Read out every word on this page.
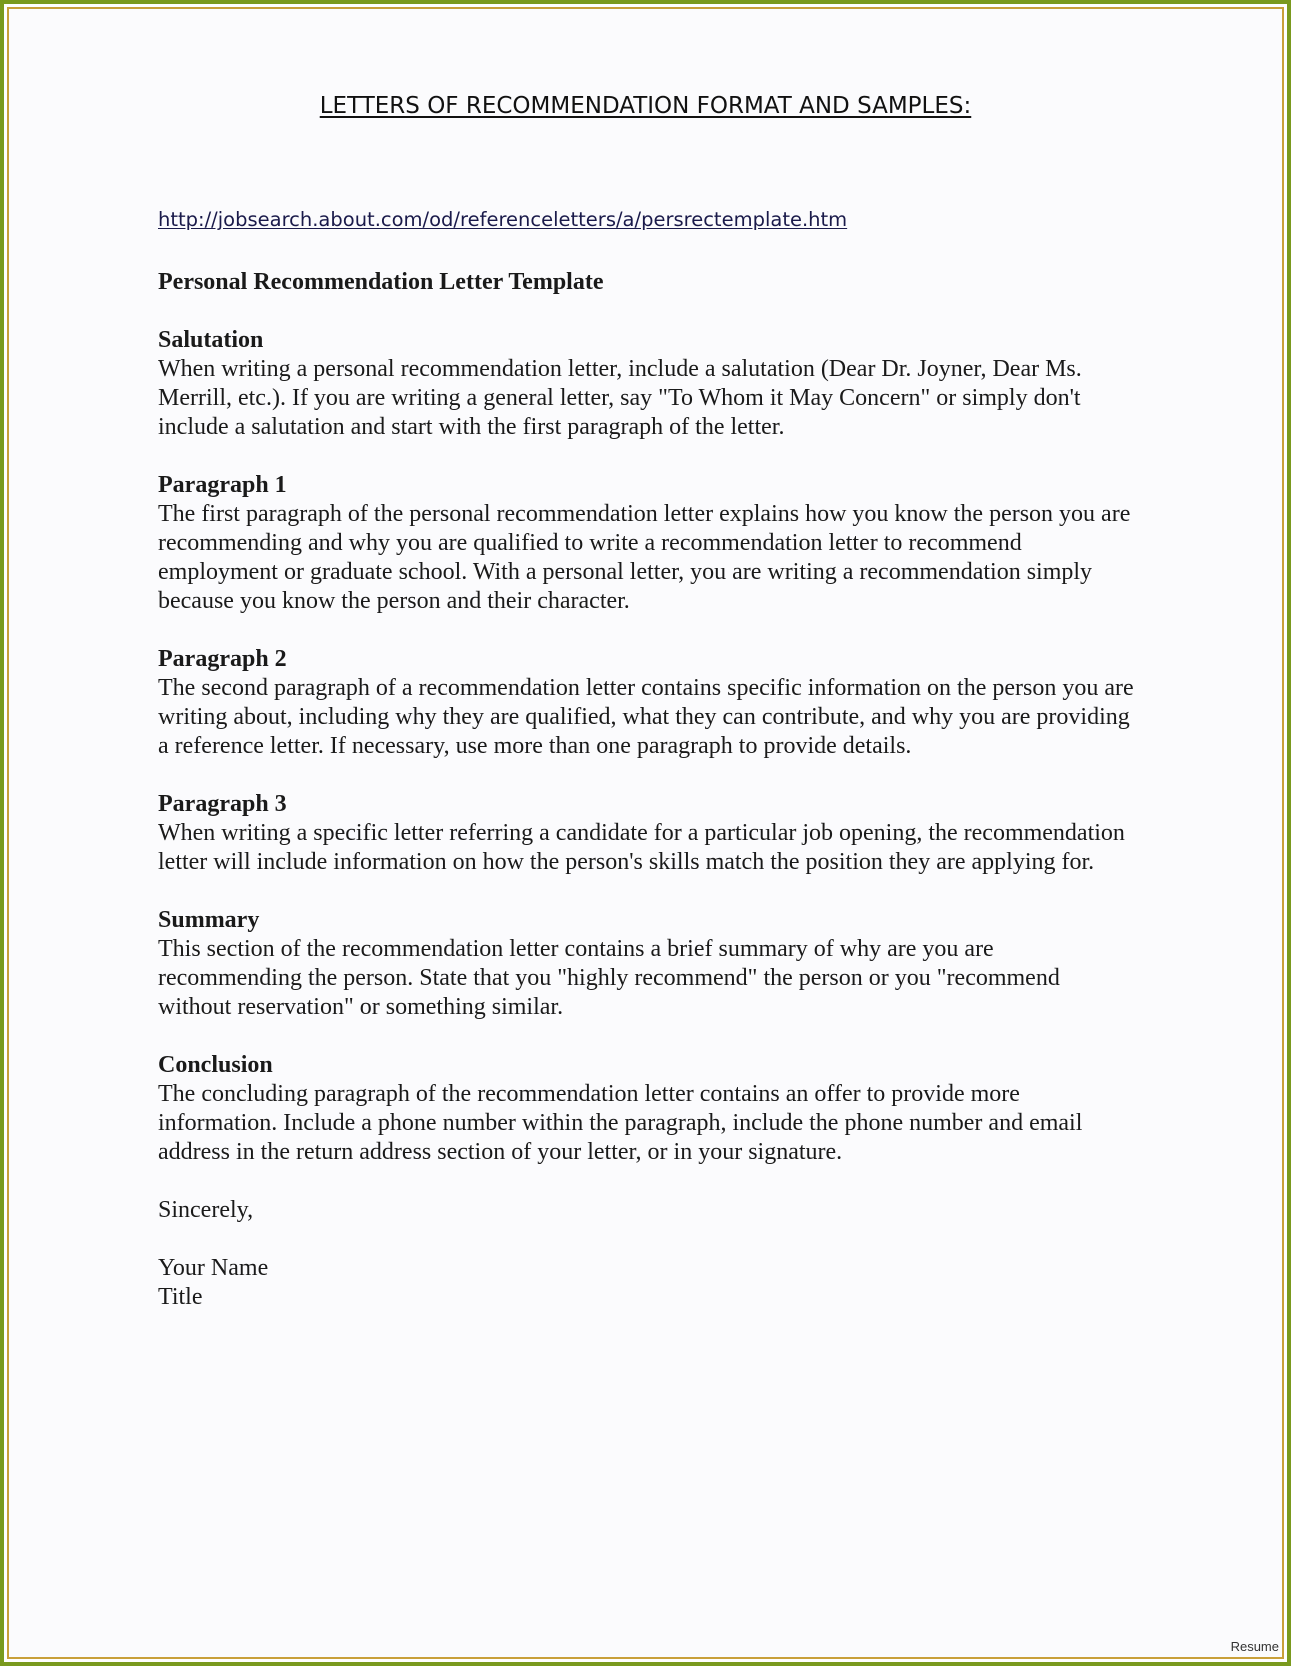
LETTERS OF RECOMMENDATION FORMAT AND SAMPLES:
http://jobsearch.about.com/od/referenceletters/a/persrectemplate.htm
Personal Recommendation Letter Template
Salutation

When writing a personal recommendation letter, include a salutation (Dear Dr. Joyner, Dear Ms. Merrill, etc.). If you are writing a general letter, say "To Whom it May Concern" or simply don't include a salutation and start with the first paragraph of the letter.

Paragraph 1

The first paragraph of the personal recommendation letter explains how you know the person you are recommending and why you are qualified to write a recommendation letter to recommend employment or graduate school. With a personal letter, you are writing a recommendation simply because you know the person and their character.

Paragraph 2

The second paragraph of a recommendation letter contains specific information on the person you are writing about, including why they are qualified, what they can contribute, and why you are providing a reference letter. If necessary, use more than one paragraph to provide details.

Paragraph 3

When writing a specific letter referring a candidate for a particular job opening, the recommendation letter will include information on how the person's skills match the position they are applying for.

Summary

This section of the recommendation letter contains a brief summary of why are you are recommending the person. State that you "highly recommend" the person or you "recommend without reservation" or something similar.

Conclusion

The concluding paragraph of the recommendation letter contains an offer to provide more information. Include a phone number within the paragraph, include the phone number and email address in the return address section of your letter, or in your signature.

Sincerely,
Your Name
Title
Resume
